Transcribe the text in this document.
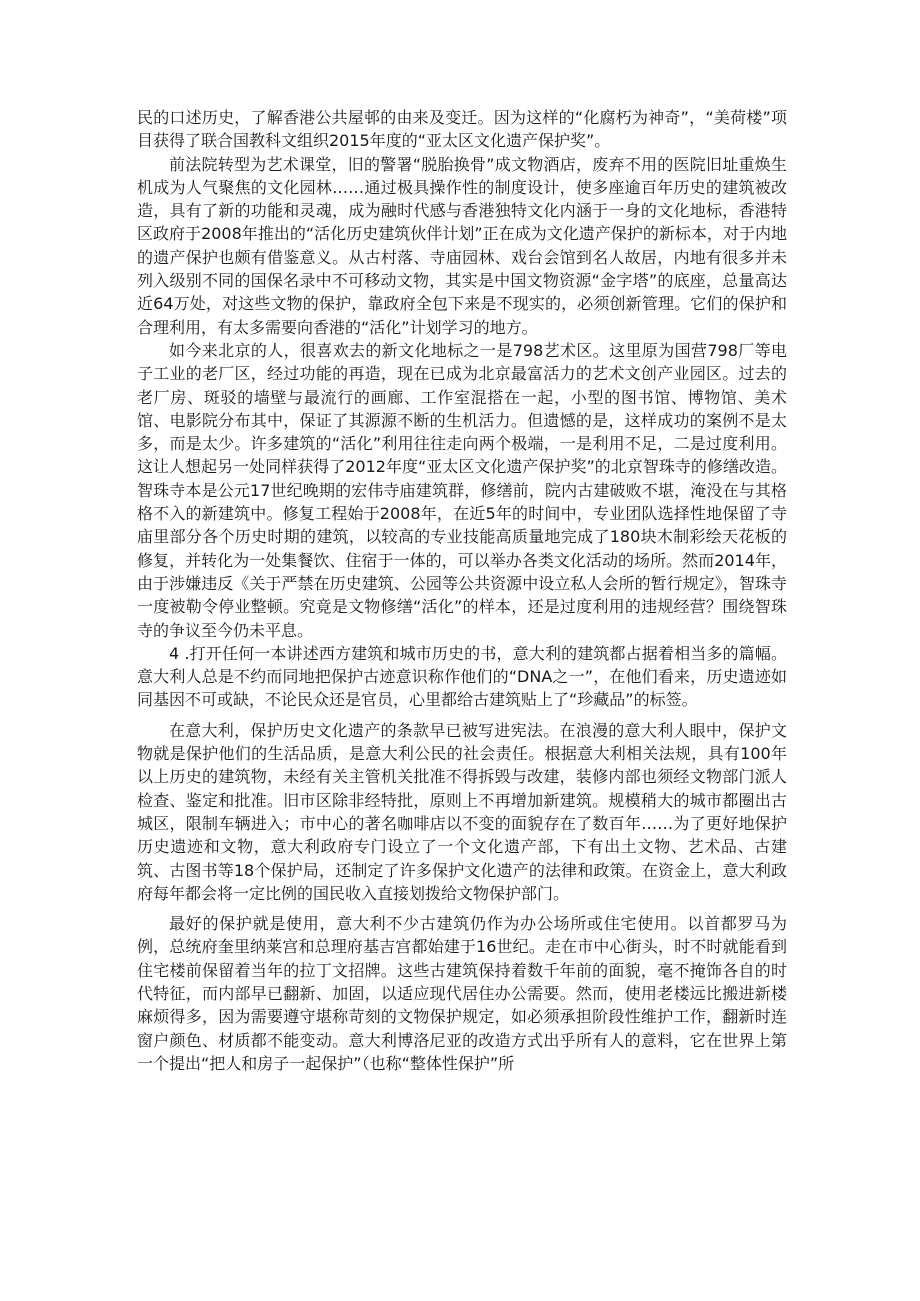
民的口述历史，了解香港公共屋邨的由来及变迁。因为这样的“化腐朽为神奇”，“美荷楼”项目获得了联合国教科文组织2015年度的“亚太区文化遗产保护奖”。

前法院转型为艺术课堂，旧的警署“脱胎换骨”成文物酒店，废弃不用的医院旧址重焕生机成为人气聚焦的文化园林……通过极具操作性的制度设计，使多座逾百年历史的建筑被改造，具有了新的功能和灵魂，成为融时代感与香港独特文化内涵于一身的文化地标，香港特区政府于2008年推出的“活化历史建筑伙伴计划”正在成为文化遗产保护的新标本，对于内地的遗产保护也颇有借鉴意义。从古村落、寺庙园林、戏台会馆到名人故居，内地有很多并未列入级别不同的国保名录中不可移动文物，其实是中国文物资源“金字塔”的底座，总量高达近64万处，对这些文物的保护，靠政府全包下来是不现实的，必须创新管理。它们的保护和合理利用，有太多需要向香港的“活化”计划学习的地方。

如今来北京的人，很喜欢去的新文化地标之一是798艺术区。这里原为国营798厂等电子工业的老厂区，经过功能的再造，现在已成为北京最富活力的艺术文创产业园区。过去的老厂房、斑驳的墙壁与最流行的画廊、工作室混搭在一起，小型的图书馆、博物馆、美术馆、电影院分布其中，保证了其源源不断的生机活力。但遗憾的是，这样成功的案例不是太多，而是太少。许多建筑的“活化”利用往往走向两个极端，一是利用不足，二是过度利用。这让人想起另一处同样获得了2012年度“亚太区文化遗产保护奖”的北京智珠寺的修缮改造。智珠寺本是公元17世纪晚期的宏伟寺庙建筑群，修缮前，院内古建破败不堪，淹没在与其格格不入的新建筑中。修复工程始于2008年，在近5年的时间中，专业团队选择性地保留了寺庙里部分各个历史时期的建筑，以较高的专业技能高质量地完成了180块木制彩绘天花板的修复，并转化为一处集餐饮、住宿于一体的，可以举办各类文化活动的场所。然而2014年，由于涉嫌违反《关于严禁在历史建筑、公园等公共资源中设立私人会所的暂行规定》，智珠寺一度被勒令停业整顿。究竟是文物修缮“活化”的样本，还是过度利用的违规经营？围绕智珠寺的争议至今仍未平息。

4 .打开任何一本讲述西方建筑和城市历史的书，意大利的建筑都占据着相当多的篇幅。意大利人总是不约而同地把保护古迹意识称作他们的“DNA之一”，在他们看来，历史遗迹如同基因不可或缺，不论民众还是官员，心里都给古建筑贴上了“珍藏品”的标签。

在意大利，保护历史文化遗产的条款早已被写进宪法。在浪漫的意大利人眼中，保护文物就是保护他们的生活品质，是意大利公民的社会责任。根据意大利相关法规，具有100年以上历史的建筑物，未经有关主管机关批准不得拆毁与改建，装修内部也须经文物部门派人检查、鉴定和批准。旧市区除非经特批，原则上不再增加新建筑。规模稍大的城市都圈出古城区，限制车辆进入；市中心的著名咖啡店以不变的面貌存在了数百年……为了更好地保护历史遗迹和文物，意大利政府专门设立了一个文化遗产部，下有出土文物、艺术品、古建筑、古图书等18个保护局，还制定了许多保护文化遗产的法律和政策。在资金上，意大利政府每年都会将一定比例的国民收入直接划拨给文物保护部门。

最好的保护就是使用，意大利不少古建筑仍作为办公场所或住宅使用。以首都罗马为例，总统府奎里纳莱宫和总理府基吉宫都始建于16世纪。走在市中心街头，时不时就能看到住宅楼前保留着当年的拉丁文招牌。这些古建筑保持着数千年前的面貌，毫不掩饰各自的时代特征，而内部早已翻新、加固，以适应现代居住办公需要。然而，使用老楼远比搬进新楼麻烦得多，因为需要遵守堪称苛刻的文物保护规定，如必须承担阶段性维护工作，翻新时连窗户颜色、材质都不能变动。意大利博洛尼亚的改造方式出乎所有人的意料，它在世界上第一个提出“把人和房子一起保护”（也称“整体性保护”所
